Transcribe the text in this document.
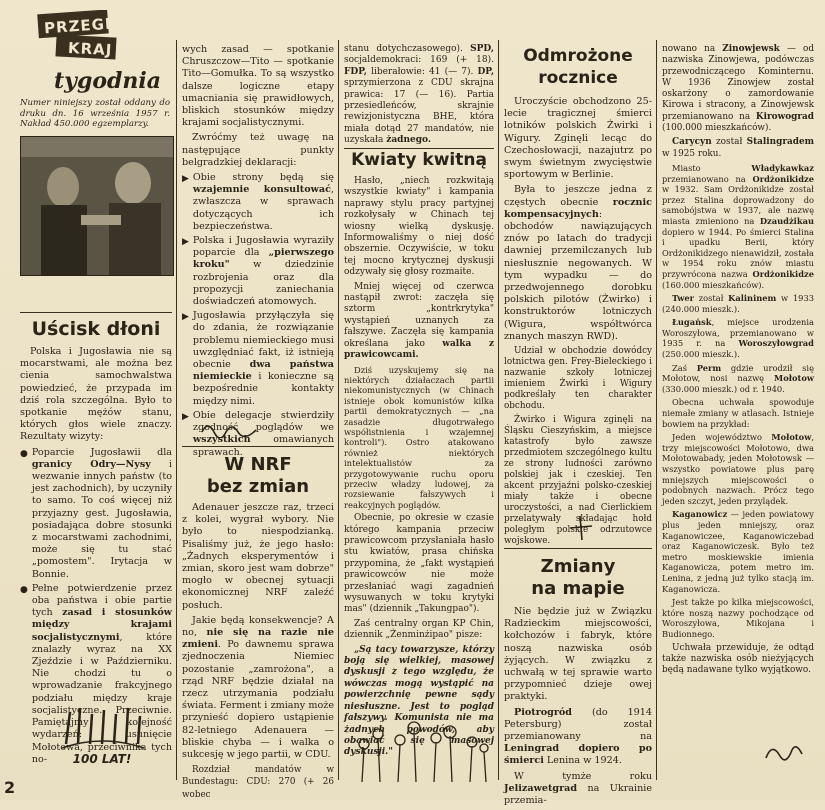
PRZEGLĄD
KRAJ
tygodnia
Numer niniejszy został oddany do druku dn. 16 września 1957 r. Nakład 450.000 egzemplarzy.
Uścisk dłoni

Polska i Jugosławia nie są mocarstwami, ale można bez cienia samochwalstwa powiedzieć, że przypada im dziś rola szczególna. Było to spotkanie mężów stanu, których głos wiele znaczy. Rezultaty wizyty:

● Poparcie Jugosławii dla granicy Odry—Nysy i wezwanie innych państw (to jest zachodnich), by uczyniły to samo. To coś więcej niż przyjazny gest. Jugosławia, posiadająca dobre stosunki z mocarstwami zachodnimi, może się tu stać „pomostem". Irytacja w Bonnie.
● Pełne potwierdzenie przez oba państwa i obie partie tych zasad i stosunków między krajami socjalistycznymi, które znalazły wyraz na XX Zjeździe i w Październiku. Nie chodzi tu o wprowadzanie frakcyjnego podziału między kraje socjalistyczne. Przeciwnie. Pamiętajmy kolejność wydarzeń: usunięcie Mołotowa, przeciwnika tych no-	100 LAT!

wych zasad — spotkanie Chruszczow—Tito — spotkanie Tito—Gomułka. To są wszystko dalsze logiczne etapy umacniania się prawidłowych, bliskich stosunków między krajami socjalistycznymi.

Zwróćmy też uwagę na następujące punkty belgradzkiej deklaracji:

▶ Obie strony będą się wzajemnie konsultować, zwłaszcza w sprawach dotyczących ich bezpieczeństwa.
▶ Polska i Jugosławia wyraziły poparcie dla „pierwszego kroku" w dziedzinie rozbrojenia oraz dla propozycji zaniechania doświadczeń atomowych.
▶ Jugosławia przyłączyła się do zdania, że rozwiązanie problemu niemieckiego musi uwzględniać fakt, iż istnieją obecnie dwa państwa niemieckie i konieczne są bezpośrednie kontakty między nimi.
▶ Obie delegacje stwierdziły zgodność poglądów we wszystkich omawianych sprawach.
W NRF
bez zmian

Adenauer jeszcze raz, trzeci z kolei, wygrał wybory. Nie było to niespodzianką. Pisaliśmy już, że jego hasło: „Żadnych eksperymentów i zmian, skoro jest wam dobrze" mogło w obecnej sytuacji ekonomicznej NRF zaleźć posłuch.

Jakie będą konsekwencje? A no, nie się na razie nie zmieni. Po dawnemu sprawa zjednoczenia Niemiec pozostanie „zamrożona", a rząd NRF będzie działał na rzecz utrzymania podziału świata. Ferment i zmiany może przynieść dopiero ustąpienie 82-letniego Adenauera — bliskie chyba — i walka o sukcesję w jego partii, w CDU.

Rozdział mandatów w Bundestagu: CDU: 270 (+ 26 wobec

stanu dotychczasowego). SPD, socjaldemokraci: 169 (+ 18). FDP, liberałowie: 41 (— 7). DP, sprzymierzona z CDU skrajna prawica: 17 (— 16). Partia przesiedleńców, skrajnie rewizjonistyczna BHE, która miała dotąd 27 mandatów, nie uzyskała żadnego.

Kwiaty kwitną

Hasło, „niech rozkwitają wszystkie kwiaty" i kampania naprawy stylu pracy partyjnej rozkołysały w Chinach tej wiosny wielką dyskusję. Informowaliśmy o niej dość obszernie. Oczywiście, w toku tej mocno krytycznej dyskusji odzywały się głosy rozmaite.

Mniej więcej od czerwca nastąpił zwrot: zaczęła się sztorm „kontrkrytyka" wystąpień uznanych za fałszywe. Zaczęła się kampania określana jako walka z prawicowcami.

Dziś uzyskujemy się na niektórych działaczach partii niekomunistycznych (w Chinach istnieje obok komunistów kilka partii demokratycznych — „na zasadzie długotrwałego współistnienia i wzajemnej kontroli"). Ostro atakowano również niektórych intelektualistów za przygotowywanie ruchu oporu przeciw władzy ludowej, za rozsiewanie fałszywych i reakcyjnych poglądów.

Obecnie, po okresie w czasie którego kampania przeciw prawicowcom przysłaniała hasło stu kwiatów, prasa chińska przypomina, że „fakt wystąpień prawicowców nie może przesłaniać wagi zagadnień wysuwanych w toku krytyki mas" (dziennik „Takungpao").

Zaś centralny organ KP Chin, dziennik „Żenminżipao" pisze:

„Są tacy towarzysze, którzy boją się wielkiej, masowej dyskusji z tego względu, że wówczas mogą wystąpić na powierzchnię pewne sądy niesłuszne. Jest to pogląd fałszywy. Komunista nie ma żadnych powodów, aby obawiać się masowej dyskusji."

Odmrożone
rocznice

Uroczyście obchodzono 25-lecie tragicznej śmierci lotników polskich Żwirki i Wigury. Zginęli lecąc do Czechosłowacji, nazajutrz po swym świetnym zwycięstwie sportowym w Berlinie.

Była to jeszcze jedna z częstych obecnie rocznic kompensacyjnych: obchodów nawiązujących znów po latach do tradycji dawniej przemilczanych lub niesłusznie negowanych. W tym wypadku — do przedwojennego dorobku polskich pilotów (Żwirko) i konstruktorów lotniczych (Wigura, współtwórca znanych maszyn RWD).

Udział w obchodzie dowódcy lotnictwa gen. Frey-Bieleckiego i nazwanie szkoły lotniczej imieniem Żwirki i Wigury podkreślały ten charakter obchodu.

Żwirko i Wigura zginęli na Śląsku Cieszyńskim, a miejsce katastrofy było zawsze przedmiotem szczególnego kultu ze strony ludności zarówno polskiej jak i czeskiej. Ten akcent przyjaźni polsko-czeskiej miały także i obecne uroczystości, a nad Cierlickiem przelatywały składając hołd poległym polskie odrzutowce wojskowe.

Zmiany
na mapie

Nie będzie już w Związku Radzieckim miejscowości, kołchozów i fabryk, które noszą nazwiska osób żyjących. W związku z uchwałą w tej sprawie warto przypomnieć dzieje owej praktyki.

Piotrogród (do 1914 Petersburg) został przemianowany na Leningrad dopiero po śmierci Lenina w 1924.

W tymże roku Jelizawetgrad na Ukrainie przemia-

nowano na Zinowjewsk — od nazwiska Zinowjewa, podówczas przewodniczącego Kominternu. W 1936 Zinowjew został oskarżony o zamordowanie Kirowa i stracony, a Zinowjewsk przemianowano na Kirowograd (100.000 mieszkańców).

Carycyn został Stalingradem w 1925 roku.

Miasto Władykawkaz przemianowano na Ordżonikidze w 1932. Sam Ordżonikidze został przez Stalina doprowadzony do samobójstwa w 1937, ale nazwę miasta zmieniono na Dzaudżikau dopiero w 1944. Po śmierci Stalina i upadku Berii, który Ordżonikidzego nienawidził, została w 1954 roku znów miastu przywrócona nazwa Ordżonikidze (160.000 mieszkańców).

Twer został Kalininem w 1933 (240.000 mieszk.).

Ługańsk, miejsce urodzenia Woroszyłowa, przemianowano w 1935 r. na Woroszyłowgrad (250.000 mieszk.).

Zaś Perm gdzie urodził się Mołotow, nosi nazwę Mołotow (330.000 mieszk.) od r. 1940.

Obecna uchwała spowoduje niemałe zmiany w atlasach. Istnieje bowiem na przykład:

Jeden województwo Mołotow, trzy miejscowości Mołotowo, dwa Mołotowabady, jeden Mołotowsk — wszystko powiatowe plus parę mniejszych miejscowości o podobnych nazwach. Prócz tego jeden szczyt, jeden przylądek.

Kaganowicz — jeden powiatowy plus jeden mniejszy, oraz Kaganowiczee, Kaganowiczebad oraz Kaganowiczesk. Było też metro moskiewskie imienia Kaganowicza, potem metro im. Lenina, z jedną już tylko stacją im. Kaganowicza.

Jest także po kilka miejscowości, które noszą nazwy pochodzące od Woroszyłowa, Mikojana i Budionnego.

Uchwała przewiduje, że odtąd także nazwiska osób nieżyjących będą nadawane tylko wyjątkowo.

2
